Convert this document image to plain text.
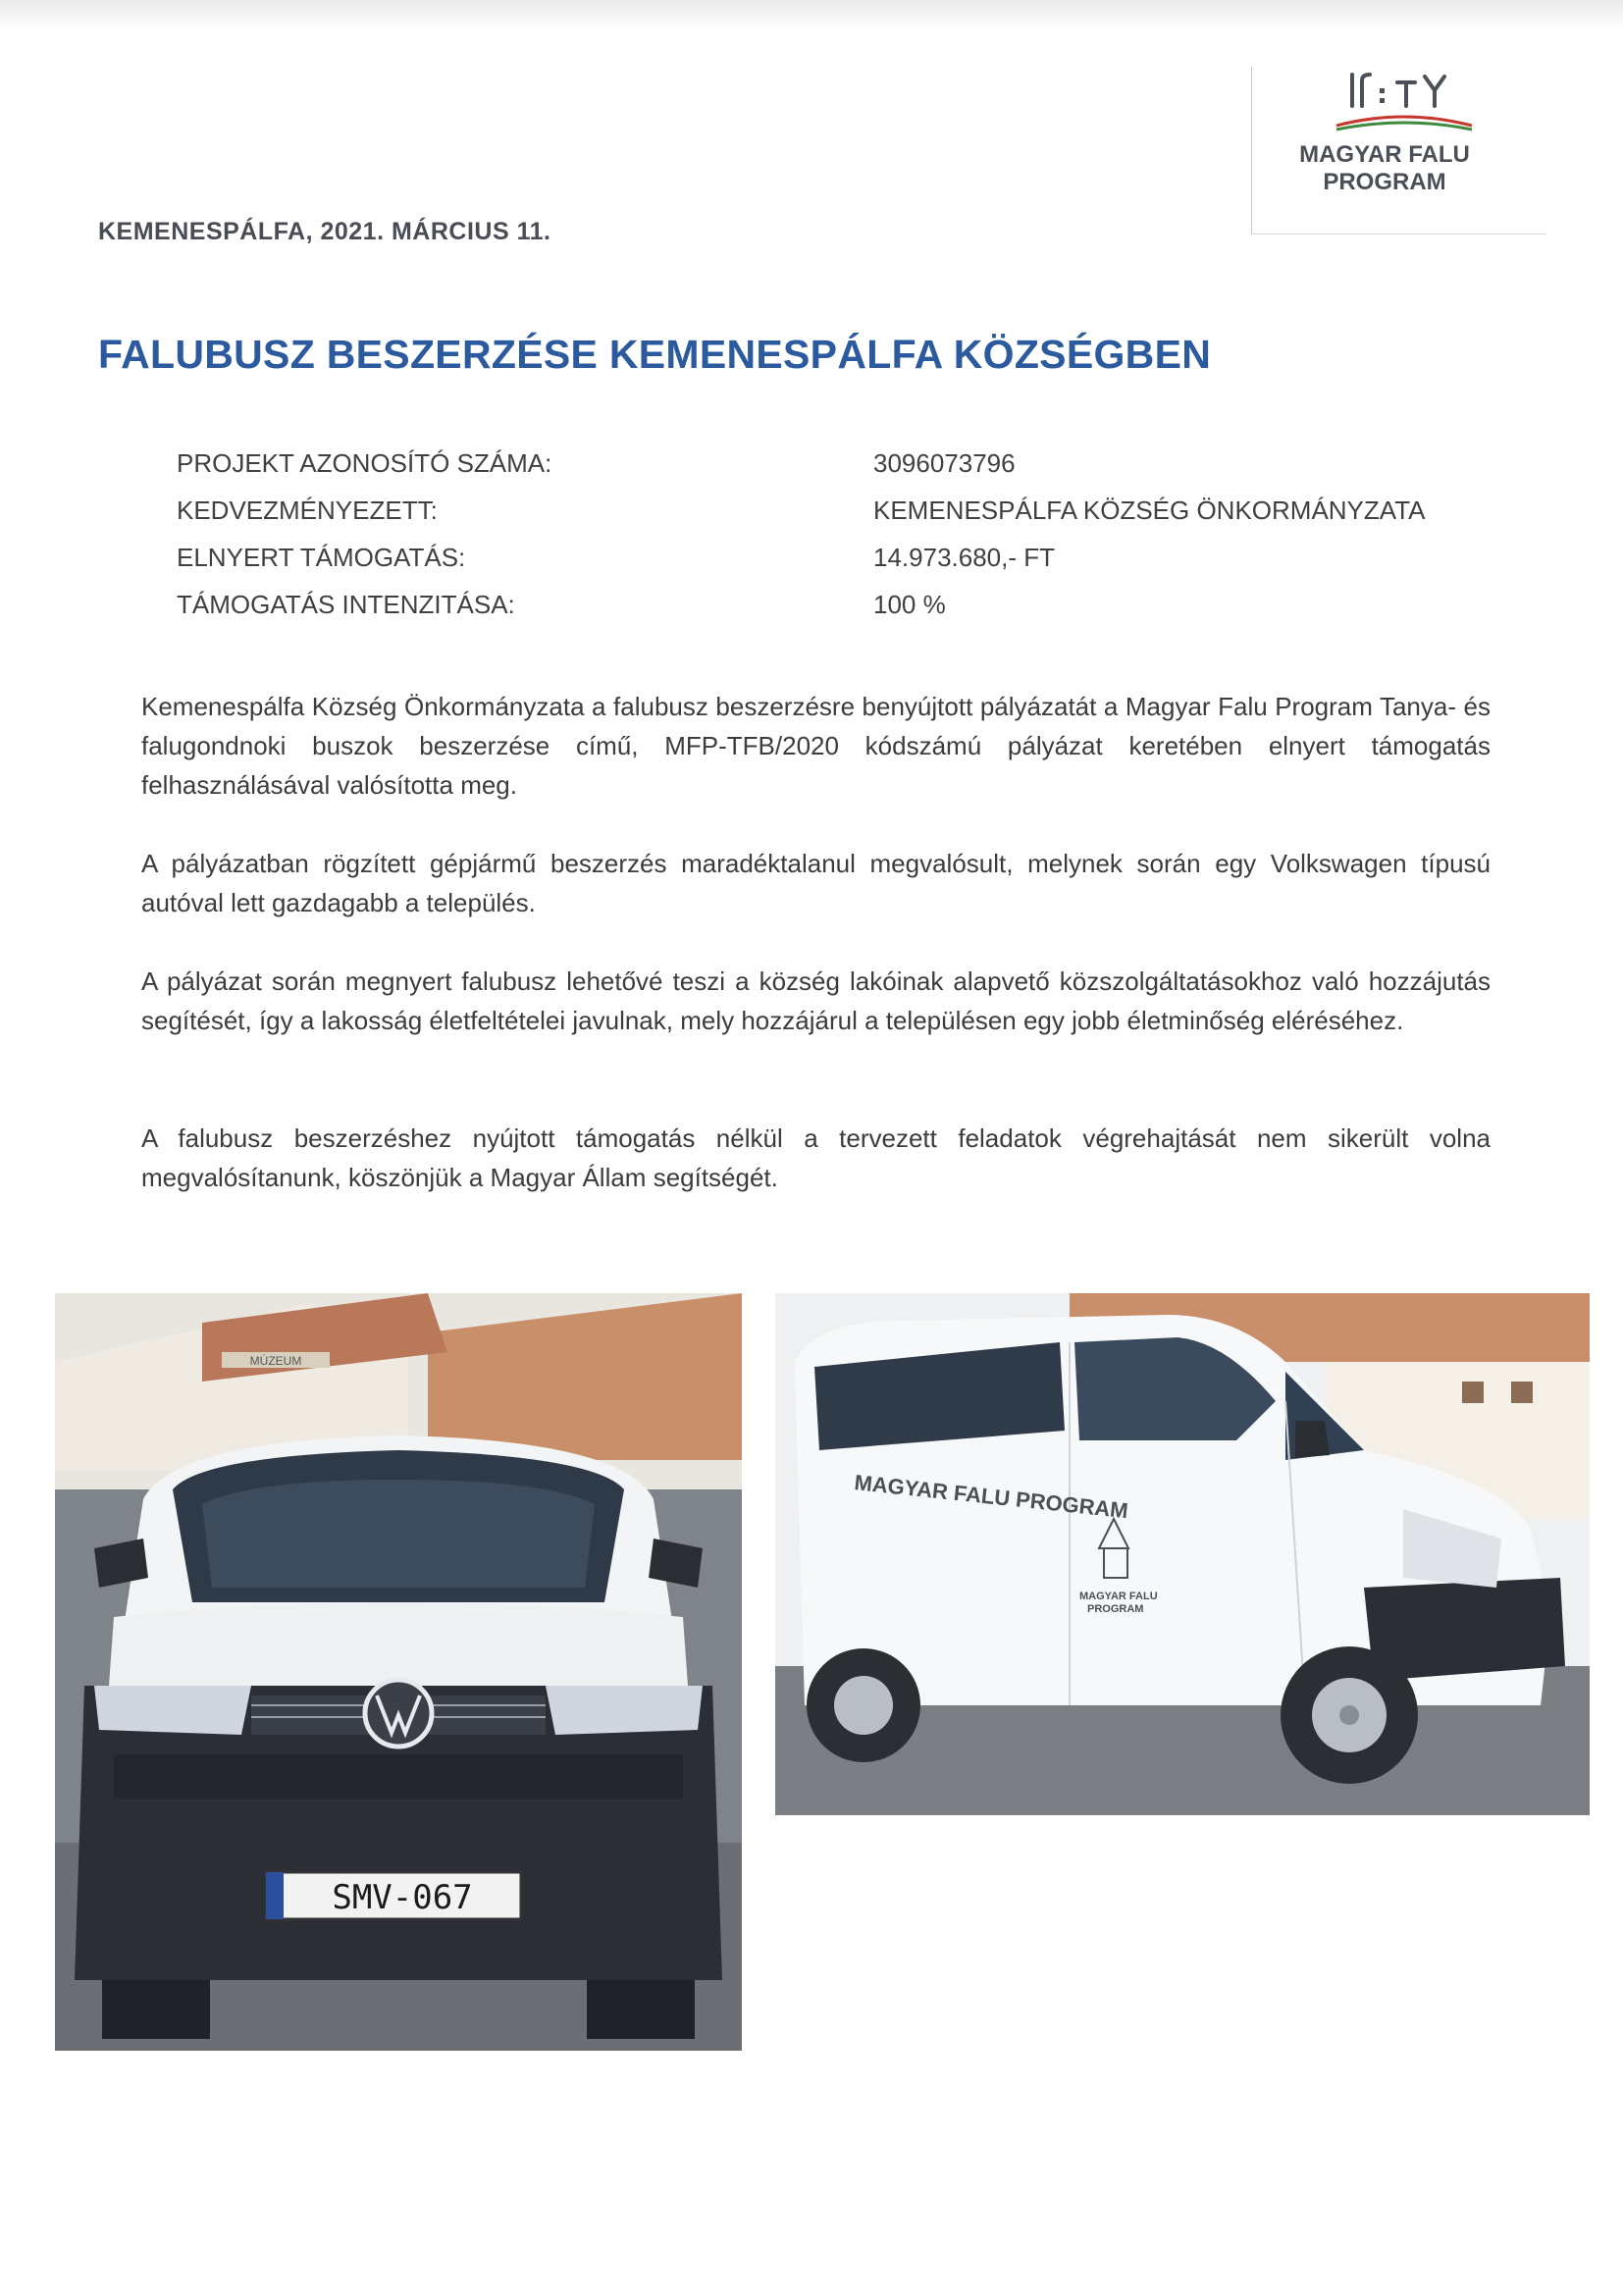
MAGYAR FALU
PROGRAM
KEMENESPÁLFA, 2021. MÁRCIUS 11.
FALUBUSZ BESZERZÉSE KEMENESPÁLFA KÖZSÉGBEN
PROJEKT AZONOSÍTÓ SZÁMA:	3096073796
KEDVEZMÉNYEZETT:	KEMENESPÁLFA KÖZSÉG ÖNKORMÁNYZATA
ELNYERT TÁMOGATÁS:	14.973.680,- FT
TÁMOGATÁS INTENZITÁSA:	100 %

Kemenespálfa Község Önkormányzata a falubusz beszerzésre benyújtott pályázatát a Magyar Falu Program Tanya- és falugondnoki buszok beszerzése című, MFP-TFB/2020 kódszámú pályázat keretében elnyert támogatás felhasználásával valósította meg.

A pályázatban rögzített gépjármű beszerzés maradéktalanul megvalósult, melynek során egy Volkswagen típusú autóval lett gazdagabb a település.

A pályázat során megnyert falubusz lehetővé teszi a község lakóinak alapvető közszolgáltatásokhoz való hozzájutás segítését, így a lakosság életfeltételei javulnak, mely hozzájárul a településen egy jobb életminőség eléréséhez.

A falubusz beszerzéshez nyújtott támogatás nélkül a tervezett feladatok végrehajtását nem sikerült volna megvalósítanunk, köszönjük a Magyar Állam segítségét.

MÚZEUM
SMV-067
MAGYAR FALU PROGRAM
MAGYAR FALU
PROGRAM
